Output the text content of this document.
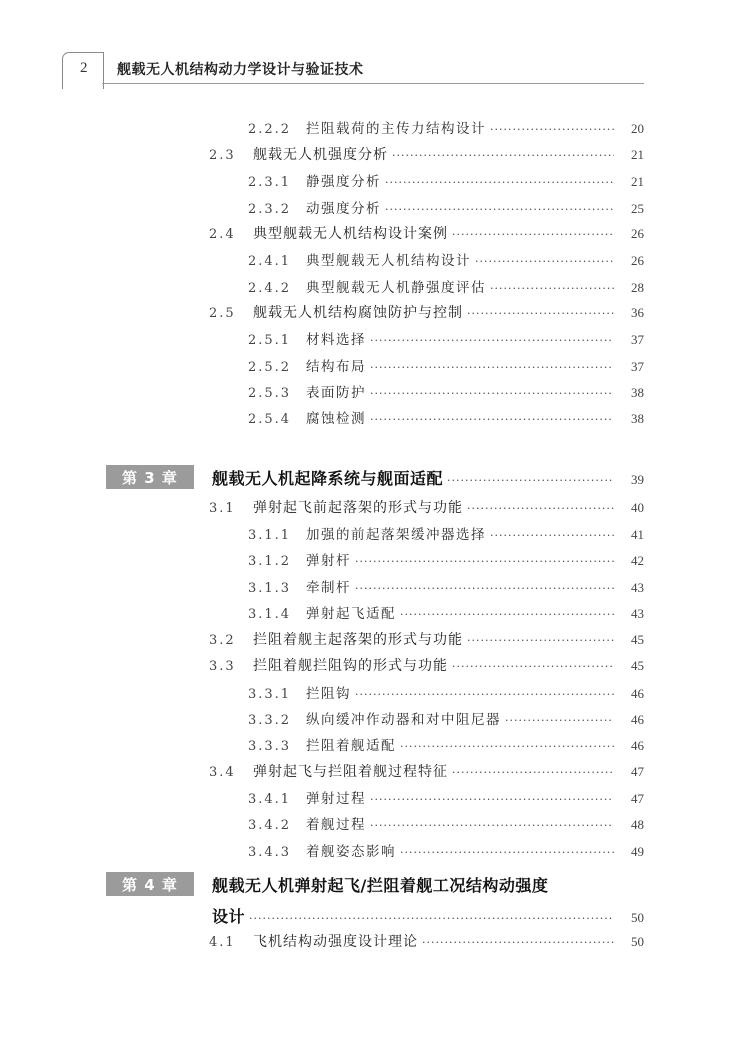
2 舰载无人机结构动力学设计与验证技术
2.2.2	拦阻载荷的主传力结构设计 ·····	20
2.3	舰载无人机强度分析 ·····	21
2.3.1	静强度分析 ·····	21
2.3.2	动强度分析 ·····	25
2.4	典型舰载无人机结构设计案例 ·····	26
2.4.1	典型舰载无人机结构设计 ·····	26
2.4.2	典型舰载无人机静强度评估 ·····	28
2.5	舰载无人机结构腐蚀防护与控制 ·····	36
2.5.1	材料选择 ·····	37
2.5.2	结构布局 ·····	37
2.5.3	表面防护 ·····	38
2.5.4	腐蚀检测 ·····	38
第 3 章	舰载无人机起降系统与舰面适配 ·····	39
3.1	弹射起飞前起落架的形式与功能 ·····	40
3.1.1	加强的前起落架缓冲器选择 ·····	41
3.1.2	弹射杆 ·····	42
3.1.3	牵制杆 ·····	43
3.1.4	弹射起飞适配 ·····	43
3.2	拦阻着舰主起落架的形式与功能 ·····	45
3.3	拦阻着舰拦阻钩的形式与功能 ·····	45
3.3.1	拦阻钩 ·····	46
3.3.2	纵向缓冲作动器和对中阻尼器 ·····	46
3.3.3	拦阻着舰适配 ·····	46
3.4	弹射起飞与拦阻着舰过程特征 ·····	47
3.4.1	弹射过程 ·····	47
3.4.2	着舰过程 ·····	48
3.4.3	着舰姿态影响 ·····	49
第 4 章	舰载无人机弹射起飞/拦阻着舰工况结构动强度
设计 ·····	50
4.1	飞机结构动强度设计理论 ·····	50
